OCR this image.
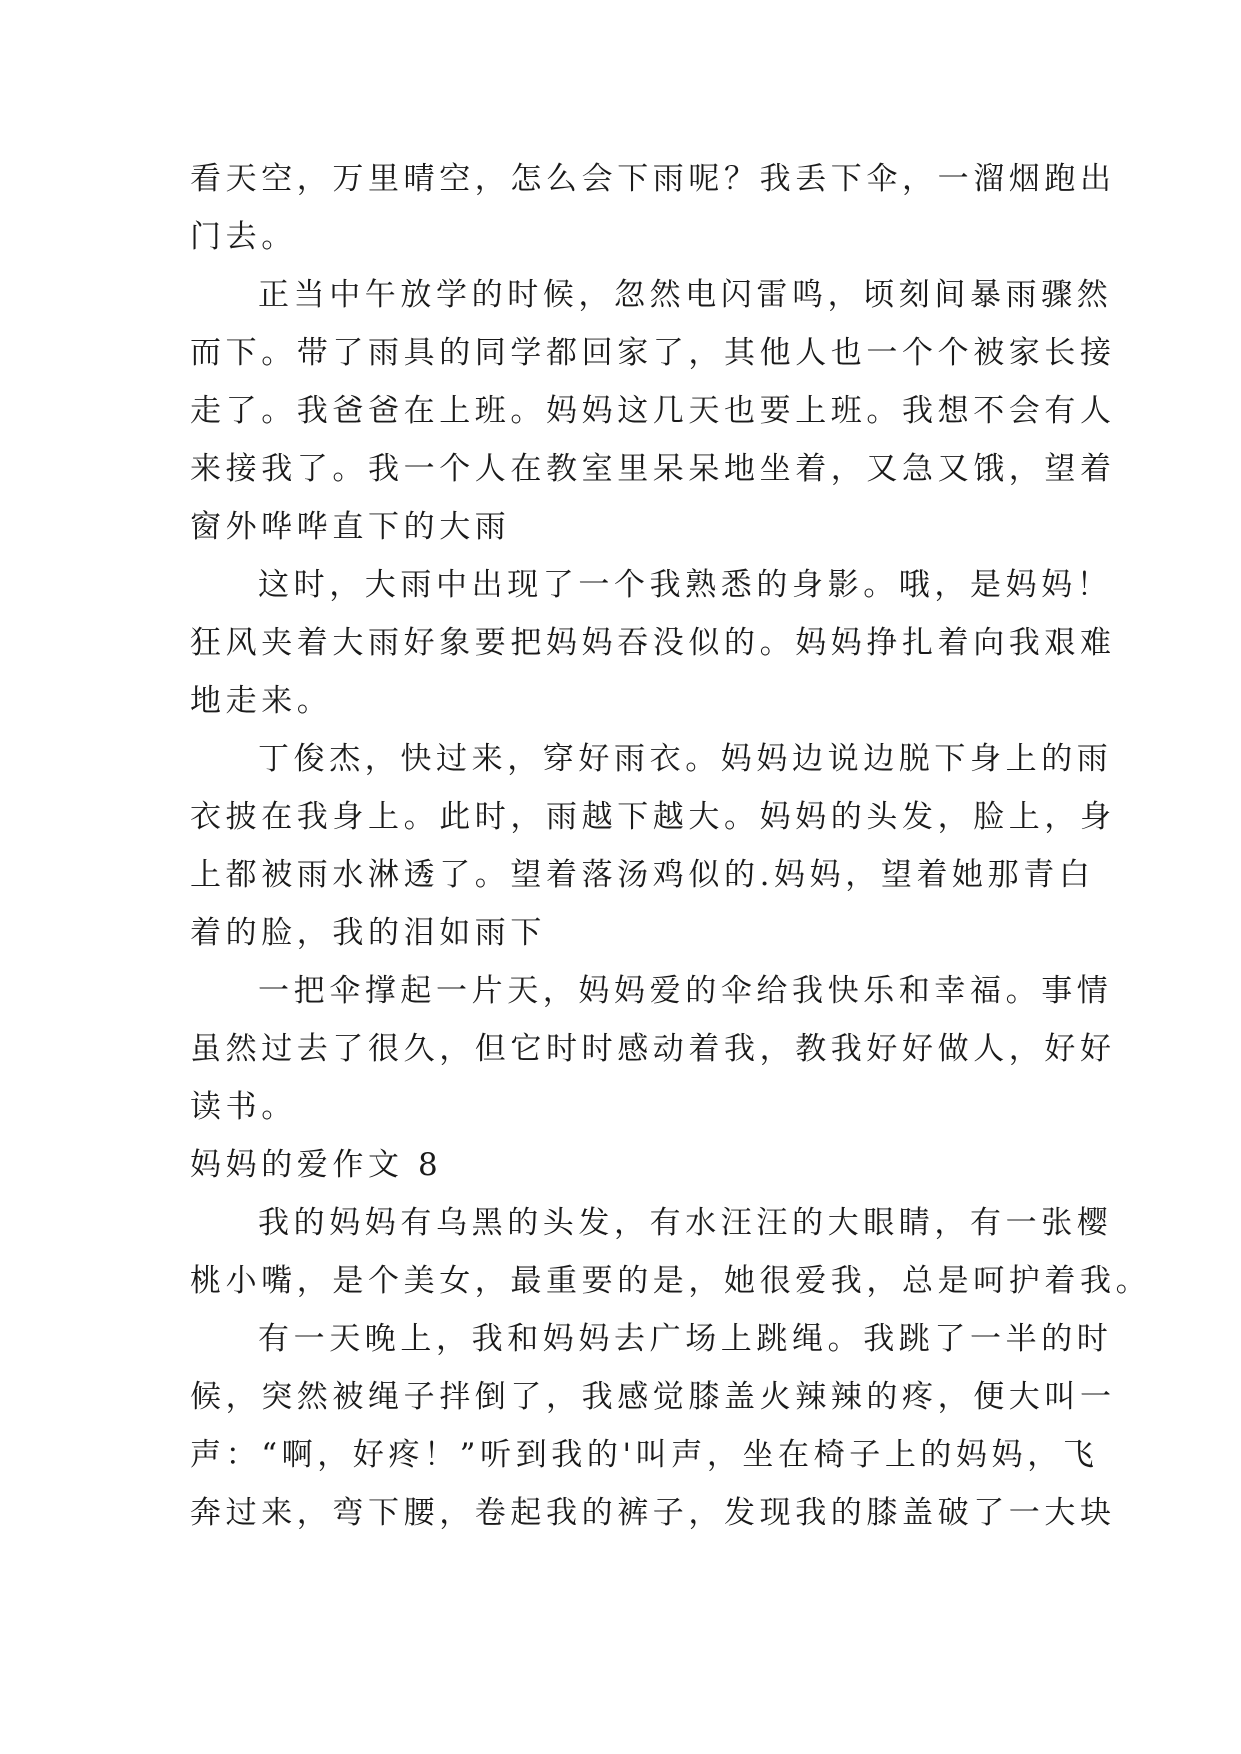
看天空，万里晴空，怎么会下雨呢？我丢下伞，一溜烟跑出
门去。
正当中午放学的时候，忽然电闪雷鸣，顷刻间暴雨骤然
而下。带了雨具的同学都回家了，其他人也一个个被家长接
走了。我爸爸在上班。妈妈这几天也要上班。我想不会有人
来接我了。我一个人在教室里呆呆地坐着，又急又饿，望着
窗外哗哗直下的大雨
这时，大雨中出现了一个我熟悉的身影。哦，是妈妈！
狂风夹着大雨好象要把妈妈吞没似的。妈妈挣扎着向我艰难
地走来。
丁俊杰，快过来，穿好雨衣。妈妈边说边脱下身上的雨
衣披在我身上。此时，雨越下越大。妈妈的头发，脸上，身
上都被雨水淋透了。望着落汤鸡似的.妈妈，望着她那青白
着的脸，我的泪如雨下
一把伞撑起一片天，妈妈爱的伞给我快乐和幸福。事情
虽然过去了很久，但它时时感动着我，教我好好做人，好好
读书。
妈妈的爱作文 8
我的妈妈有乌黑的头发，有水汪汪的大眼睛，有一张樱
桃小嘴，是个美女，最重要的是，她很爱我，总是呵护着我。
有一天晚上，我和妈妈去广场上跳绳。我跳了一半的时
候，突然被绳子拌倒了，我感觉膝盖火辣辣的疼，便大叫一
声：“啊，好疼！”听到我的'叫声，坐在椅子上的妈妈，飞
奔过来，弯下腰，卷起我的裤子，发现我的膝盖破了一大块
